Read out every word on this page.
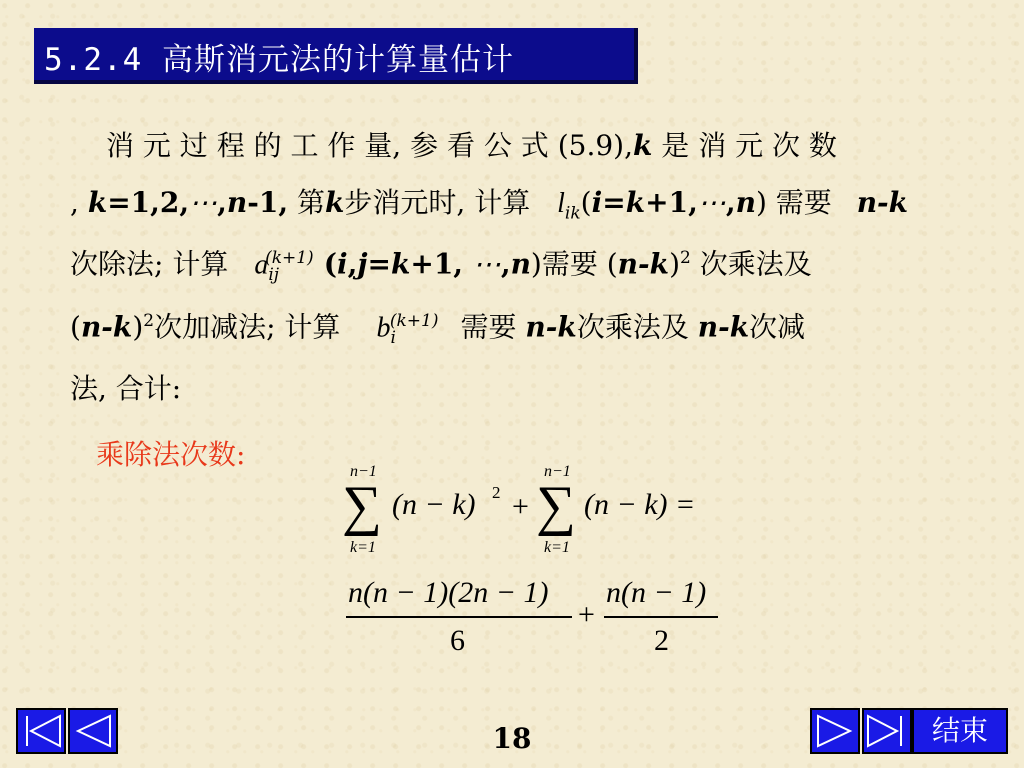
5.2.4 高斯消元法的计算量估计
消 元 过 程 的 工 作 量, 参 看 公 式 (5.9),k 是 消 元 次 数
, k=1,2,⋯,n-1, 第k步消元时, 计算 $l_{ik}(i=k+1,\cdots,n)$ 需要 n-k
次除法; 计算 $a_{ij}^{(k+1)}$ (i,j=k+1, ⋯,n)需要 $(n-k)^2$ 次乘法及
$(n-k)^2$次加减法; 计算 $b_i^{(k+1)}$ 需要 n-k次乘法及 n-k次减
法, 合计:
乘除法次数:
n−1
∑
k=1
(n − k) 2 +
n−1
∑
k=1
(n − k) =
n(n − 1)(2n − 1)
6
+
n(n − 1)
2
18	结束
